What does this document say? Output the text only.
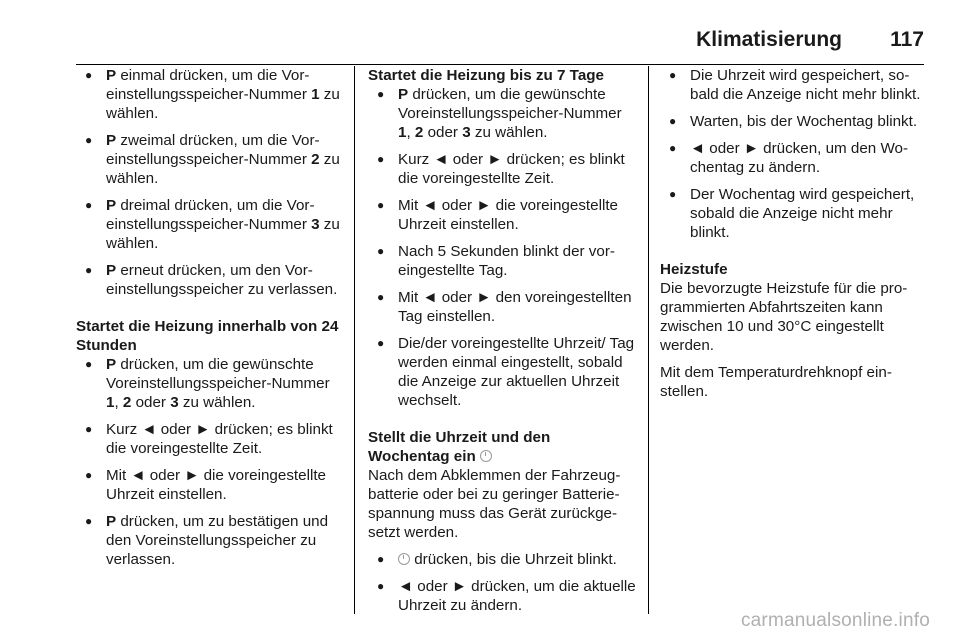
Klimatisierung 117
● P einmal drücken, um die Voreinstellungsspeicher-Nummer 1 zu wählen.
● P zweimal drücken, um die Voreinstellungsspeicher-Nummer 2 zu wählen.
● P dreimal drücken, um die Voreinstellungsspeicher-Nummer 3 zu wählen.
● P erneut drücken, um den Voreinstellungsspeicher zu verlassen.
Startet die Heizung innerhalb von 24 Stunden
● P drücken, um die gewünschte Voreinstellungsspeicher-Nummer 1, 2 oder 3 zu wählen.
● Kurz ◄ oder ► drücken; es blinkt die voreingestellte Zeit.
● Mit ◄ oder ► die voreingestellte Uhrzeit einstellen.
● P drücken, um zu bestätigen und den Voreinstellungsspeicher zu verlassen.
Startet die Heizung bis zu 7 Tage
● P drücken, um die gewünschte Voreinstellungsspeicher-Nummer 1, 2 oder 3 zu wählen.
● Kurz ◄ oder ► drücken; es blinkt die voreingestellte Zeit.
● Mit ◄ oder ► die voreingestellte Uhrzeit einstellen.
● Nach 5 Sekunden blinkt der voreingestellte Tag.
● Mit ◄ oder ► den voreingestellten Tag einstellen.
● Die/der voreingestellte Uhrzeit/ Tag werden einmal eingestellt, sobald die Anzeige zur aktuellen Uhrzeit wechselt.
Stellt die Uhrzeit und den Wochentag ein

Nach dem Abklemmen der Fahrzeugbatterie oder bei zu geringer Batteriespannung muss das Gerät zurückgesetzt werden.

● drücken, bis die Uhrzeit blinkt.
● ◄ oder ► drücken, um die aktuelle Uhrzeit zu ändern.
● Die Uhrzeit wird gespeichert, sobald die Anzeige nicht mehr blinkt.
● Warten, bis der Wochentag blinkt.
● ◄ oder ► drücken, um den Wochentag zu ändern.
● Der Wochentag wird gespeichert, sobald die Anzeige nicht mehr blinkt.
Heizstufe

Die bevorzugte Heizstufe für die programmierten Abfahrtszeiten kann zwischen 10 und 30°C eingestellt werden.

Mit dem Temperaturdrehknopf einstellen.

carmanualsonline.info
